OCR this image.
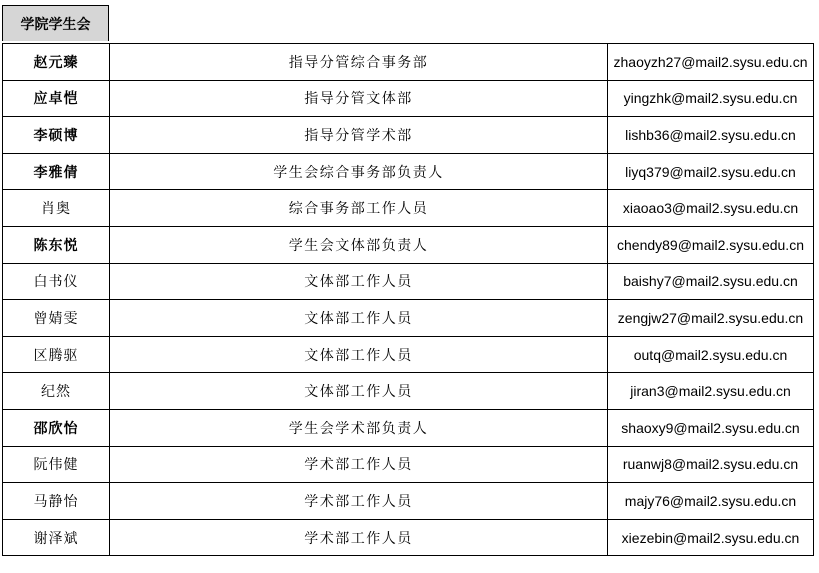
学院学生会
赵元臻	指导分管综合事务部	zhaoyzh27@mail2.sysu.edu.cn
应卓恺	指导分管文体部	yingzhk@mail2.sysu.edu.cn
李硕博	指导分管学术部	lishb36@mail2.sysu.edu.cn
李雅倩	学生会综合事务部负责人	liyq379@mail2.sysu.edu.cn
肖奥	综合事务部工作人员	xiaoao3@mail2.sysu.edu.cn
陈东悦	学生会文体部负责人	chendy89@mail2.sysu.edu.cn
白书仪	文体部工作人员	baishy7@mail2.sysu.edu.cn
曾婧雯	文体部工作人员	zengjw27@mail2.sysu.edu.cn
区腾驱	文体部工作人员	outq@mail2.sysu.edu.cn
纪然	文体部工作人员	jiran3@mail2.sysu.edu.cn
邵欣怡	学生会学术部负责人	shaoxy9@mail2.sysu.edu.cn
阮伟健	学术部工作人员	ruanwj8@mail2.sysu.edu.cn
马静怡	学术部工作人员	majy76@mail2.sysu.edu.cn
谢泽斌	学术部工作人员	xiezebin@mail2.sysu.edu.cn
